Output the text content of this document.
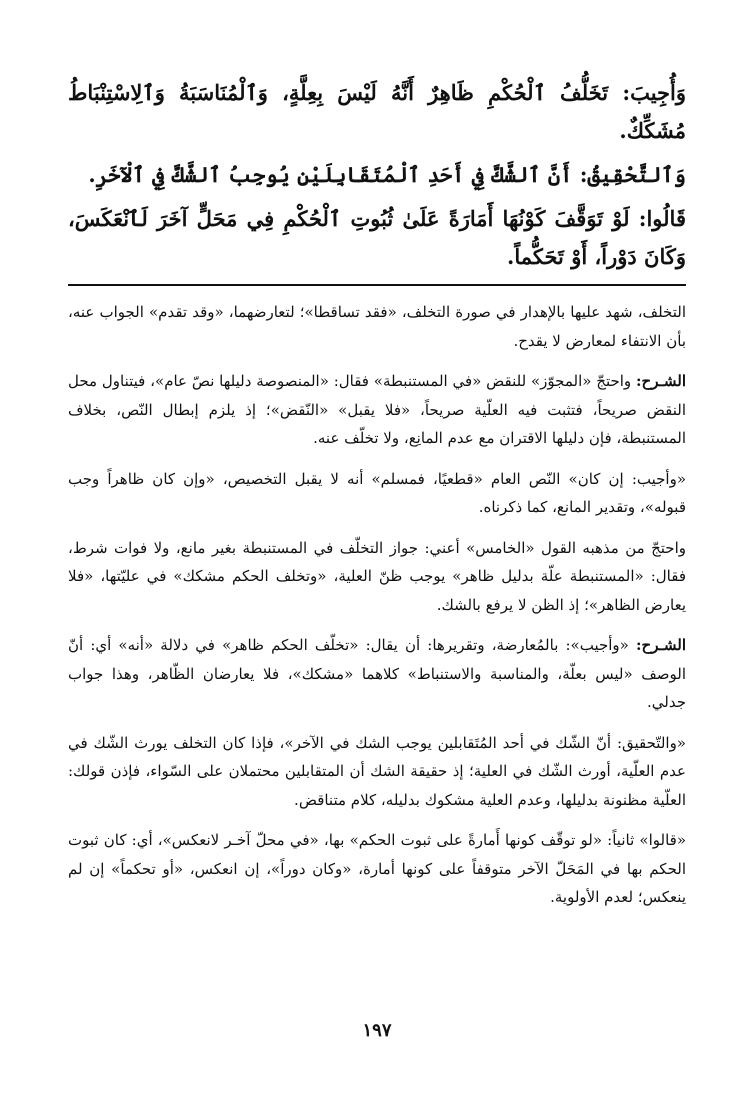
وَأُجِيبَ: تَخَلُّفُ ٱلْحُكْمِ ظَاهِرٌ أَنَّهُ لَيْسَ بِعِلَّةٍ، وَٱلْمُنَاسَبَةُ وَٱلِاسْتِنْبَاطُ مُشَكِّكٌ.

وَٱلتَّحْقِيقُ: أَنَّ ٱلشَّكَّ فِي أَحَدِ ٱلْمُتَقَابِلَيْنِ يُوجِبُ ٱلشَّكَّ فِي ٱلْآخَرِ.

قَالُوا: لَوْ تَوَقَّفَ كَوْنُهَا أَمَارَةً عَلَىٰ ثُبُوتِ ٱلْحُكْمِ فِي مَحَلٍّ آخَرَ لَٱنْعَكَسَ، وَكَانَ دَوْراً، أَوْ تَحَكُّماً.

التخلف، شهد عليها بالإهدار في صورة التخلف، «فقد تساقطا»؛ لتعارضهما، «وقد تقدم» الجواب عنه، بأن الانتفاء لمعارض لا يقدح.

الشـرح: واحتجّ «المجوّز» للنقض «في المستنبطة» فقال: «المنصوصة دليلها نصّ عام»، فيتناول محل النقض صريحاً، فتثبت فيه العلّية صريحاً، «فلا يقبل» «النّقض»؛ إذ يلزم إبطال النّص، بخلاف المستنبطة، فإن دليلها الاقتران مع عدم المانِع، ولا تخلّف عنه.

«وأجيب: إن كان» النّص العام «قطعيًا، فمسلم» أنه لا يقبل التخصيص، «وإن كان ظاهراً وجب قبوله»، وتقدير المانع، كما ذكرناه.

واحتجّ من مذهبه القول «الخامس» أعني: جواز التخلّف في المستنبطة بغير مانع، ولا فوات شرط، فقال: «المستنبطة علّة بدليل ظاهر» يوجب ظنّ العلية، «وتخلف الحكم مشكك» في عليّتها، «فلا يعارض الظاهر»؛ إذ الظن لا يرفع بالشك.

الشـرح: «وأجيب»: بالمُعارضة، وتقريرها: أن يقال: «تخلّف الحكم ظاهر» في دلالة «أنه» أي: أنّ الوصف «ليس بعلّة، والمناسبة والاستنباط» كلاهما «مشكك»، فلا يعارضان الظّاهر، وهذا جواب جدلي.

«والتّحقيق: أنّ الشّك في أحد المُتَقابلين يوجب الشك في الآخر»، فإذا كان التخلف يورث الشّك في عدم العلّية، أورث الشّك في العلية؛ إذ حقيقة الشك أن المتقابلين محتملان على السّواء، فإذن قولك: العلّية مظنونة بدليلها، وعدم العلية مشكوك بدليله، كلام متناقض.

«قالوا» ثانياً: «لو توقّف كونها أَمارةً على ثبوت الحكم» بها، «في محلّ آخـر لانعكس»، أي: كان ثبوت الحكم بها في المَحَلّ الآخر متوقفاً على كونها أمارة، «وكان دوراً»، إن انعكس، «أو تحكماً» إن لم ينعكس؛ لعدم الأولوية.

١٩٧
